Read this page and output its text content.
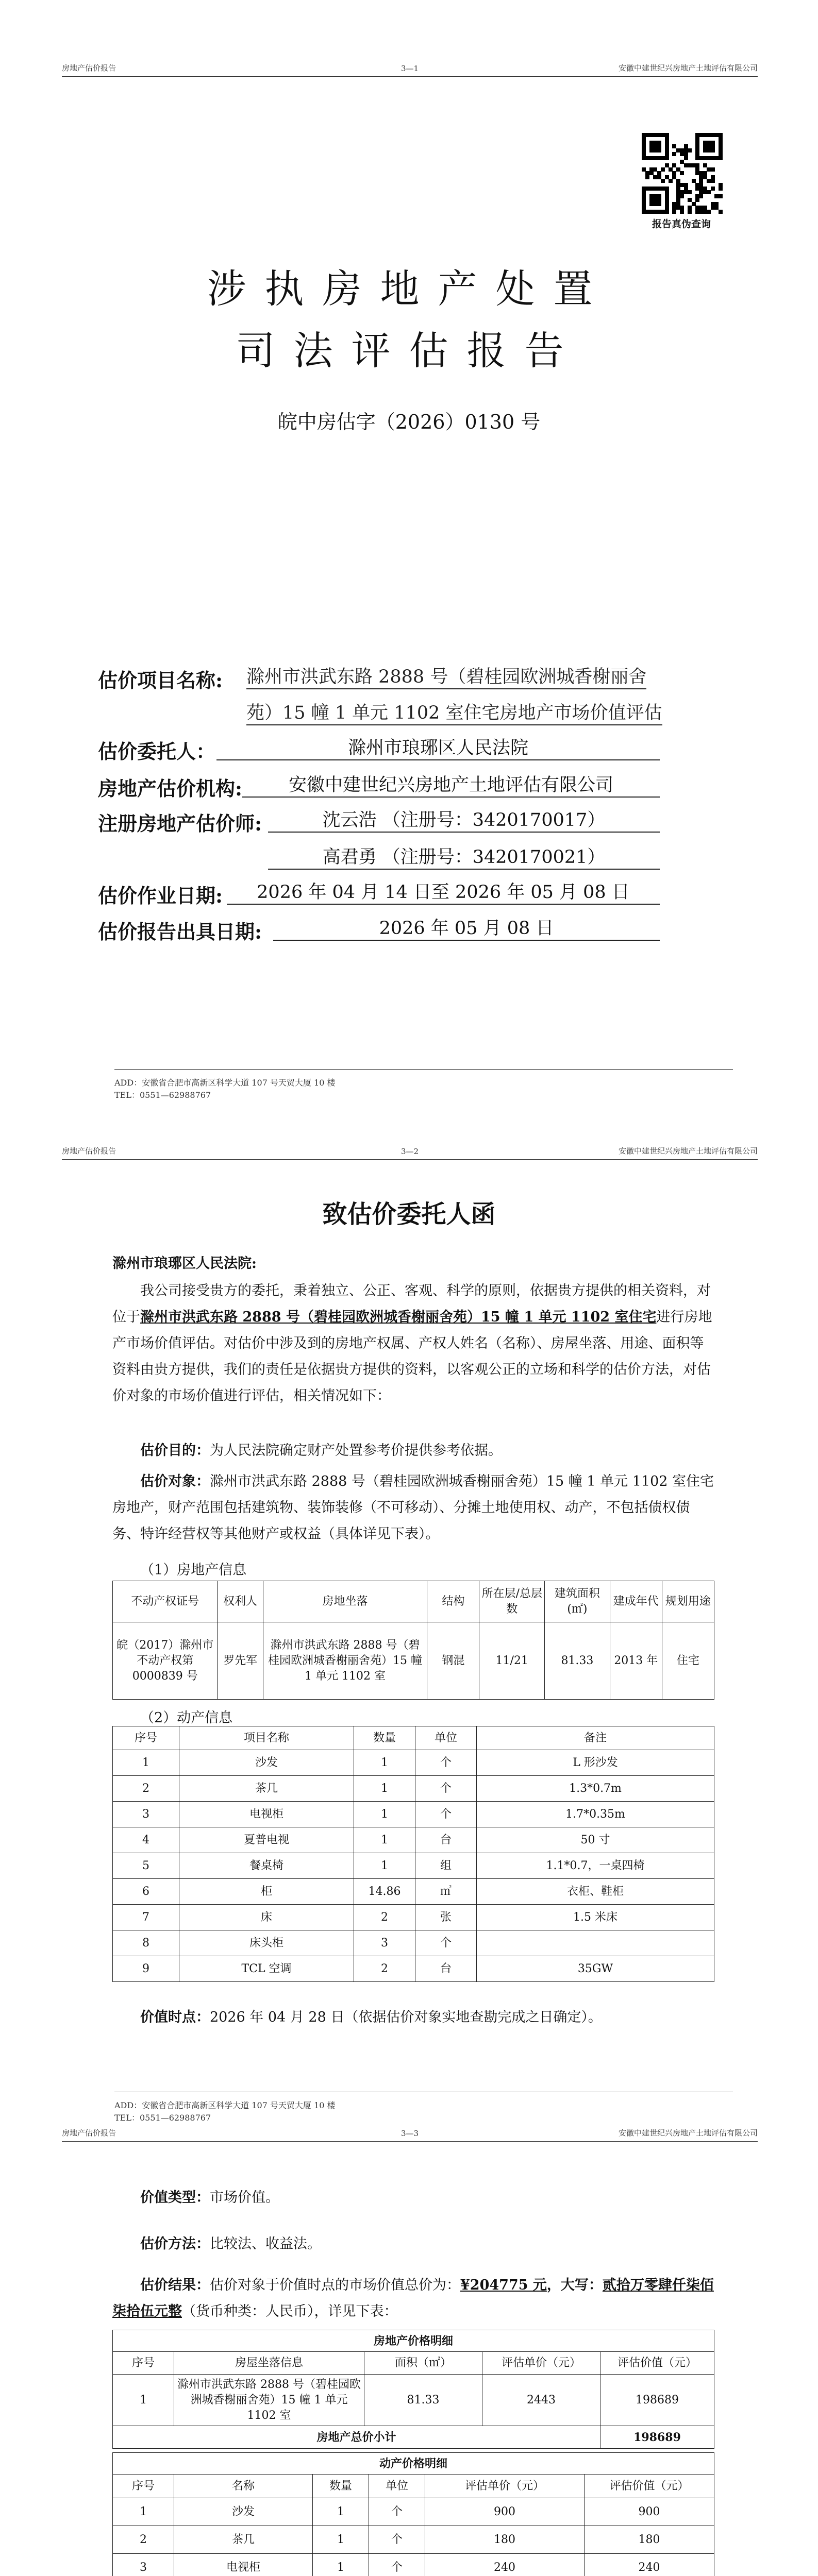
房地产估价报告	3—1	安徽中建世纪兴房地产土地评估有限公司
报告真伪查询
涉执房地产处置
司法评估报告
皖中房估字（2026）0130 号
估价项目名称: 滁州市洪武东路 2888 号（碧桂园欧洲城香榭丽舍
苑）15 幢 1 单元 1102 室住宅房地产市场价值评估
估价委托人：	滁州市琅琊区人民法院
房地产估价机构:	安徽中建世纪兴房地产土地评估有限公司
注册房地产估价师:	沈云浩 （注册号：3420170017）
高君勇 （注册号：3420170021）
估价作业日期:	2026 年 04 月 14 日至 2026 年 05 月 08 日
估价报告出具日期:	2026 年 05 月 08 日
ADD：安徽省合肥市高新区科学大道 107 号天贸大厦 10 楼
TEL：0551—62988767
房地产估价报告	3—2	安徽中建世纪兴房地产土地评估有限公司
致估价委托人函
滁州市琅琊区人民法院:
我公司接受贵方的委托，秉着独立、公正、客观、科学的原则，依据贵方提供的相关资料，对位于滁州市洪武东路 2888 号（碧桂园欧洲城香榭丽舍苑）15 幢 1 单元 1102 室住宅进行房地产市场价值评估。对估价中涉及到的房地产权属、产权人姓名（名称）、房屋坐落、用途、面积等资料由贵方提供，我们的责任是依据贵方提供的资料，以客观公正的立场和科学的估价方法，对估价对象的市场价值进行评估，相关情况如下：
估价目的：为人民法院确定财产处置参考价提供参考依据。
估价对象：滁州市洪武东路 2888 号（碧桂园欧洲城香榭丽舍苑）15 幢 1 单元 1102 室住宅房地产，财产范围包括建筑物、装饰装修（不可移动）、分摊土地使用权、动产，不包括债权债务、特许经营权等其他财产或权益（具体详见下表）。
（1）房地产信息
不动产权证号	权利人	房地坐落	结构	所在层/总层数	建筑面积(㎡)	建成年代	规划用途
皖（2017）滁州市不动产权第 0000839 号	罗先军	滁州市洪武东路 2888 号（碧桂园欧洲城香榭丽舍苑）15 幢 1 单元 1102 室	钢混	11/21	81.33	2013 年	住宅
（2）动产信息
序号	项目名称	数量	单位	备注
1	沙发	1	个	L 形沙发
2	茶几	1	个	1.3*0.7m
3	电视柜	1	个	1.7*0.35m
4	夏普电视	1	台	50 寸
5	餐桌椅	1	组	1.1*0.7，一桌四椅
6	柜	14.86	㎡	衣柜、鞋柜
7	床	2	张	1.5 米床
8	床头柜	3	个	
9	TCL 空调	2	台	35GW
价值时点：2026 年 04 月 28 日（依据估价对象实地查勘完成之日确定）。
ADD：安徽省合肥市高新区科学大道 107 号天贸大厦 10 楼
TEL：0551—62988767
房地产估价报告	3—3	安徽中建世纪兴房地产土地评估有限公司
价值类型：市场价值。
估价方法：比较法、收益法。
估价结果：估价对象于价值时点的市场价值总价为：¥204775 元，大写：贰拾万零肆仟柒佰柒拾伍元整（货币种类：人民币），详见下表：
房地产价格明细				
序号	房屋坐落信息	面积（㎡）	评估单价（元）	评估价值（元）
1	滁州市洪武东路 2888 号（碧桂园欧洲城香榭丽舍苑）15 幢 1 单元 1102 室	81.33	2443	198689
房地产总价小计				198689
动产价格明细					
序号	名称	数量	单位	评估单价（元）	评估价值（元）
1	沙发	1	个	900	900
2	茶几	1	个	180	180
3	电视柜	1	个	240	240
